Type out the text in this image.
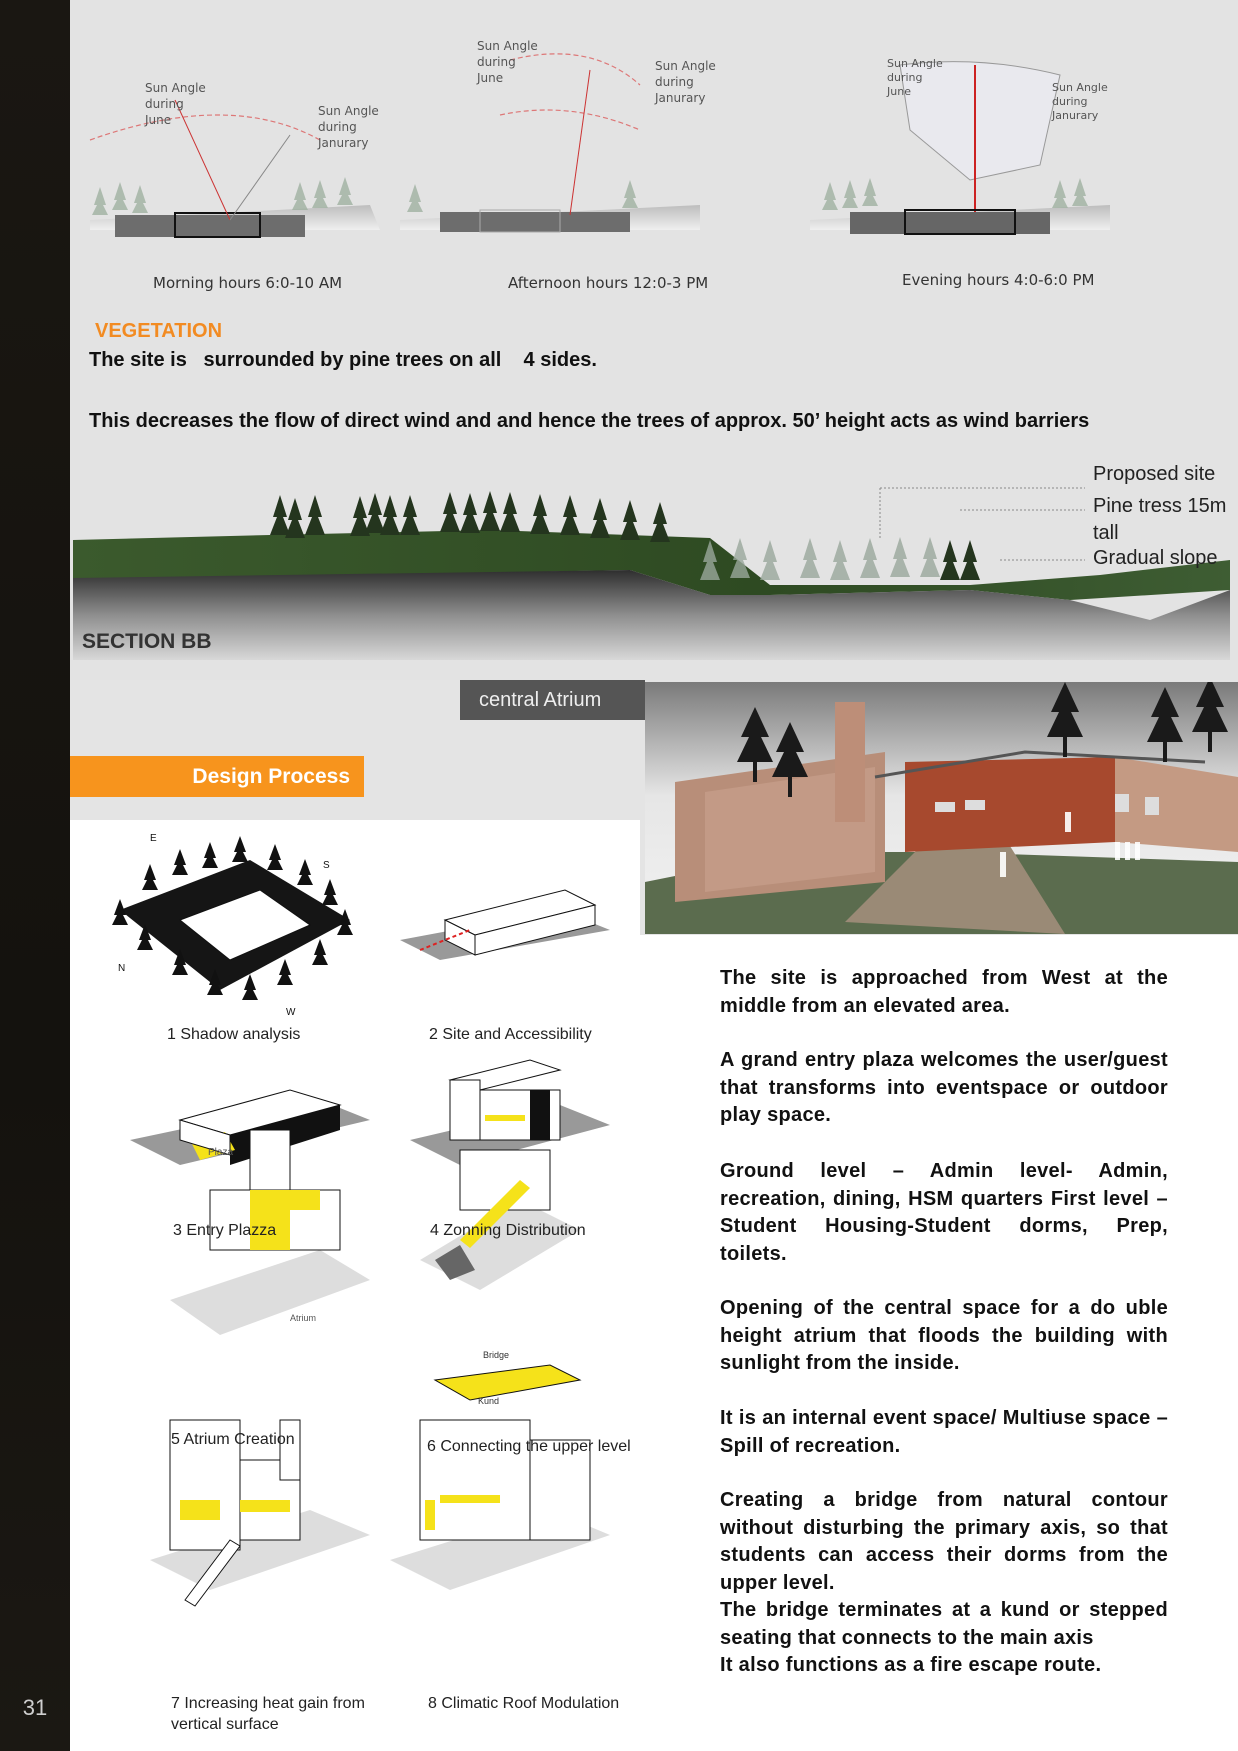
31
Sun Angle
during
June
Sun Angle
during
Janurary
Sun Angle
during
June
Sun Angle
during
Janurary
Sun Angle
during
June	Sun Angle
during
Janurary
Morning hours 6:0-10 AM	Afternoon hours 12:0-3 PM	Evening hours 4:0-6:0 PM
VEGETATION
The site is   surrounded by pine trees on all    4 sides.
This decreases the flow of direct wind and and hence the trees of approx. 50’ height acts as wind barriers
SECTION BB
Proposed site
Pine tress 15m
tall
Gradual slope
central Atrium
Design Process
E
S
N
W
Plaza
Atrium
Bridge
Kund
1 Shadow analysis	2 Site and Accessibility
3 Entry Plazza	4 Zonning Distribution
5 Atrium Creation	6 Connecting the upper level
7 Increasing heat gain from
vertical surface
8 Climatic Roof Modulation
The site is approached from West at the middle from an elevated area.
A grand entry plaza welcomes the user/guest that transforms into eventspace or outdoor play space.
Ground level – Admin level- Admin, recreation, dining, HSM quarters First level – Student Housing-Student dorms, Prep, toilets.
Opening of the central space for a do uble height atrium that floods the building with sunlight from the inside.
It is an internal event space/ Multiuse space –Spill of recreation.
Creating a bridge from natural contour without disturbing the primary axis, so that students can access their dorms from the upper level.
The bridge terminates at a kund or stepped seating that connects to the main axis
It also functions as a fire escape route.
